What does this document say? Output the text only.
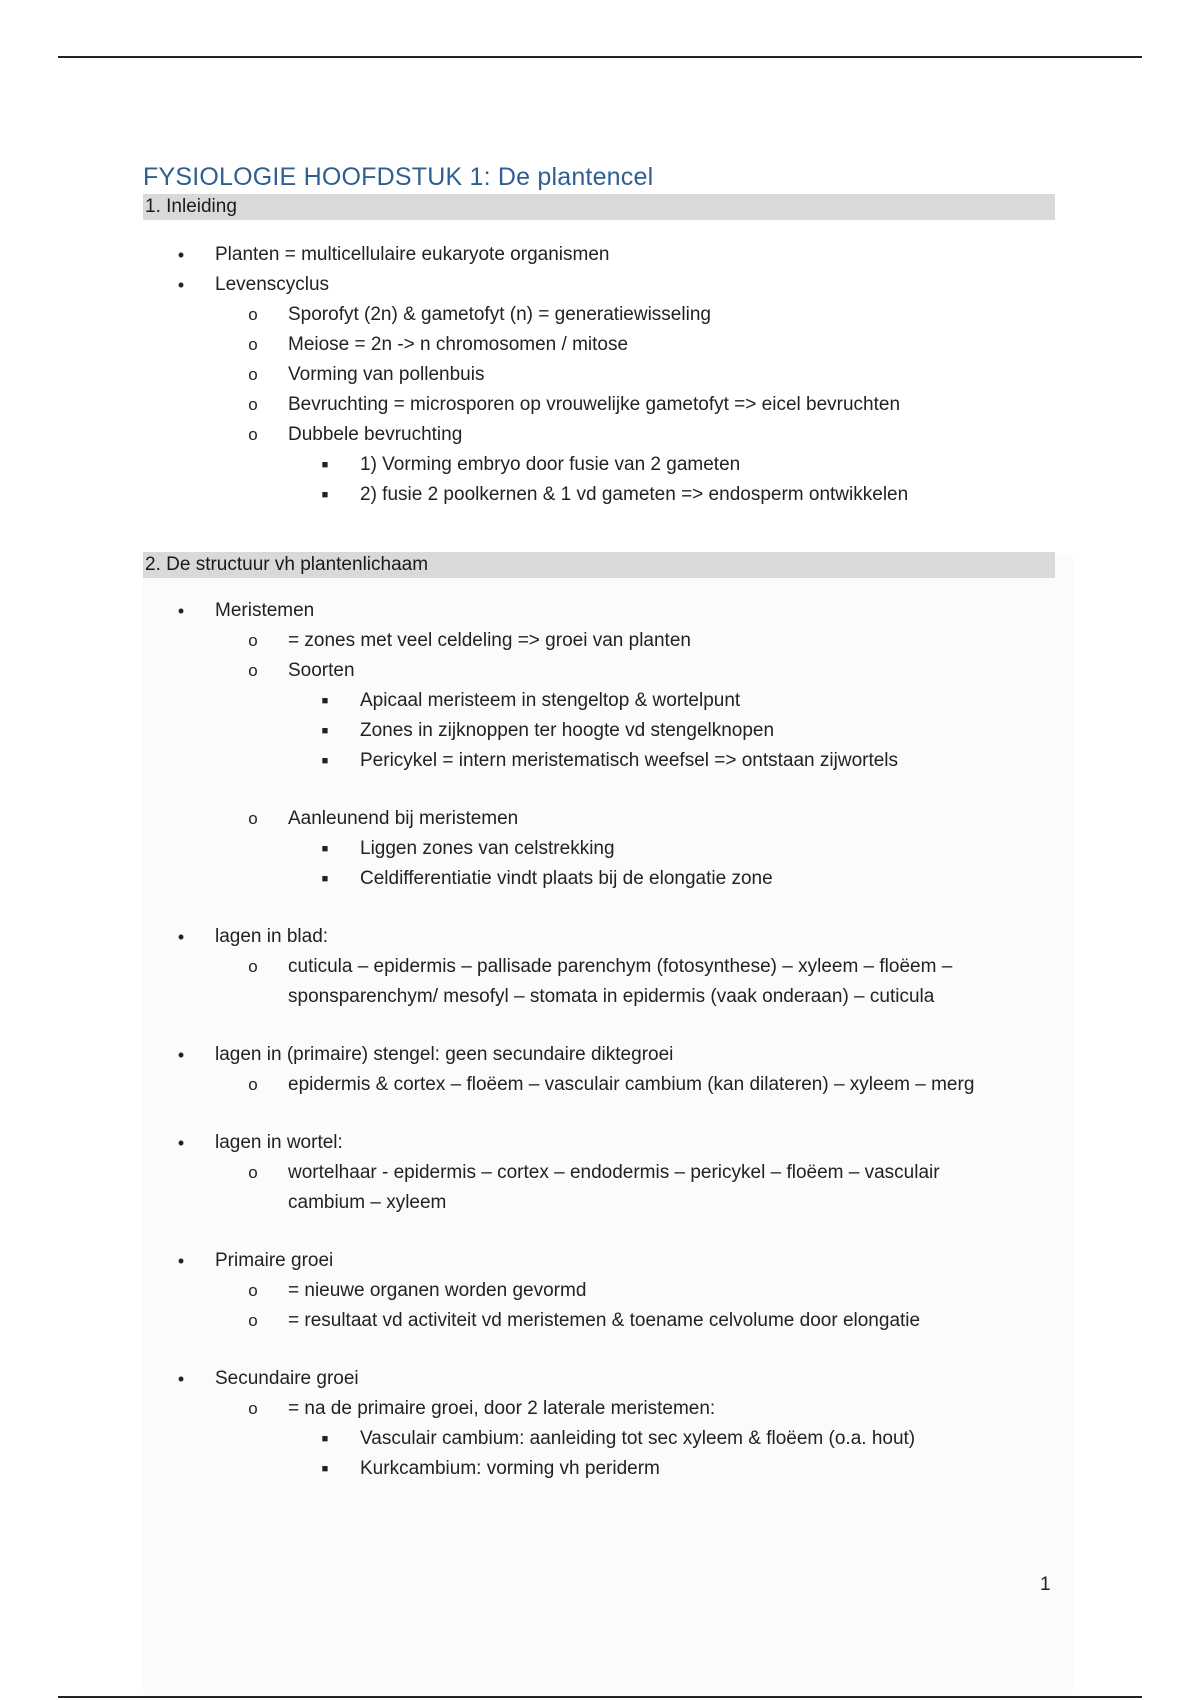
FYSIOLOGIE HOOFDSTUK 1: De plantencel
1. Inleiding
•	Planten = multicellulaire eukaryote organismen
•	Levenscyclus
o Sporofyt (2n) & gametofyt (n) = generatiewisseling
o Meiose = 2n -> n chromosomen / mitose
o Vorming van pollenbuis
o Bevruchting = microsporen op vrouwelijke gametofyt => eicel bevruchten
o Dubbele bevruchting
■	1) Vorming embryo door fusie van 2 gameten
■	2) fusie 2 poolkernen & 1 vd gameten => endosperm ontwikkelen
2. De structuur vh plantenlichaam
•	Meristemen
o = zones met veel celdeling => groei van planten
o Soorten
■	Apicaal meristeem in stengeltop & wortelpunt
■	Zones in zijknoppen ter hoogte vd stengelknopen
■	Pericykel = intern meristematisch weefsel => ontstaan zijwortels
o Aanleunend bij meristemen
■	Liggen zones van celstrekking
■	Celdifferentiatie vindt plaats bij de elongatie zone
•	lagen in blad:
o cuticula – epidermis – pallisade parenchym (fotosynthese) – xyleem – floëem –
sponsparenchym/ mesofyl – stomata in epidermis (vaak onderaan) – cuticula
•	lagen in (primaire) stengel: geen secundaire diktegroei
o epidermis & cortex – floëem – vasculair cambium (kan dilateren) – xyleem – merg
•	lagen in wortel:
o wortelhaar - epidermis – cortex – endodermis – pericykel – floëem – vasculair
cambium – xyleem
•	Primaire groei
o = nieuwe organen worden gevormd
o = resultaat vd activiteit vd meristemen & toename celvolume door elongatie
•	Secundaire groei
o = na de primaire groei, door 2 laterale meristemen:
■	Vasculair cambium: aanleiding tot sec xyleem & floëem (o.a. hout)
■	Kurkcambium: vorming vh periderm
1
